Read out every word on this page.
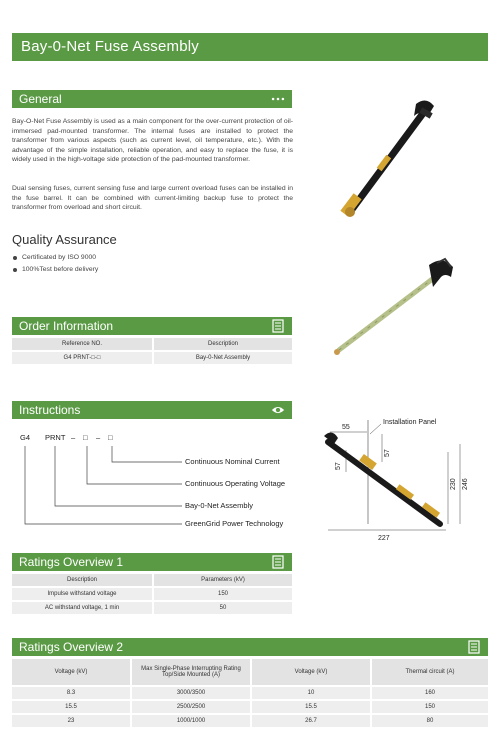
Bay-0-Net Fuse Assembly
General
Bay-O-Net Fuse Assembly is used as a main component for the over-current protection of oil-immersed pad-mounted transformer. The internal fuses are installed to protect the transformer from various aspects (such as current level, oil temperature, etc.). With the advantage of the simple installation, reliable operation, and easy to replace the fuse, it is widely used in the high-voltage side protection of the pad-mounted transformer.
Dual sensing fuses, current sensing fuse and large current overload fuses can be installed in the fuse barrel. It can be combined with current-limiting backup fuse to protect the transformer from overload and short circuit.
Quality Assurance
Certificated by ISO 9000
100%Test before delivery
Order Information
Reference NO.	Description
G4 PRNT-□-□	Bay-0-Net Assembly
Instructions
G4 PRNT – □ – □
Continuous Nominal Current
Continuous Operating Voltage
Bay-0-Net Assembly
GreenGrid Power Technology
Installation Panel
55
57
57
230 246
227
Ratings Overview 1
Description	Parameters (kV)
Impulse withstand voltage	150
AC withstand voltage, 1 min	50
Ratings Overview 2
Voltage (kV)	Max Single-Phase Interrupting Rating Top/Side Mounted (A)	Voltage (kV)	Thermal circuit (A)
8.3	3000/3500	10	160
15.5	2500/2500	15.5	150
23	1000/1000	26.7	80
